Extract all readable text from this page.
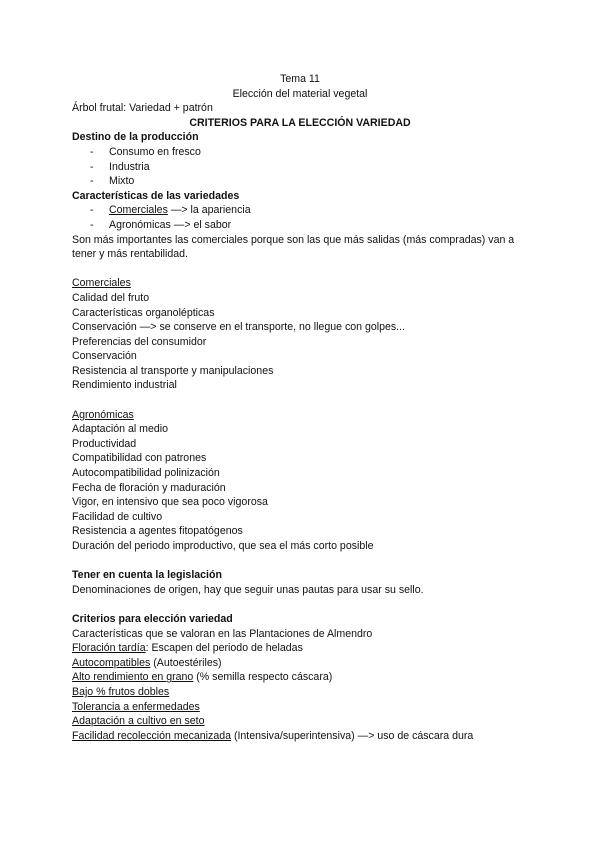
Tema 11
Elección del material vegetal
Árbol frutal: Variedad + patrón
CRITERIOS PARA LA ELECCIÓN VARIEDAD
Destino de la producción
-	Consumo en fresco
-	Industria
-	Mixto
Características de las variedades
-	Comerciales —> la apariencia
-	Agronómicas —> el sabor
Son más importantes las comerciales porque son las que más salidas (más compradas) van a tener y más rentabilidad.
Comerciales
Calidad del fruto
Características organolépticas
Conservación —> se conserve en el transporte, no llegue con golpes...
Preferencias del consumidor
Conservación
Resistencia al transporte y manipulaciones
Rendimiento industrial
Agronómicas
Adaptación al medio
Productividad
Compatibilidad con patrones
Autocompatibilidad polinización
Fecha de floración y maduración
Vigor, en intensivo que sea poco vigorosa
Facilidad de cultivo
Resistencia a agentes fitopatógenos
Duración del periodo improductivo, que sea el más corto posible
Tener en cuenta la legislación
Denominaciones de origen, hay que seguir unas pautas para usar su sello.
Criterios para elección variedad
Características que se valoran en las Plantaciones de Almendro
Floración tardía: Escapen del periodo de heladas
Autocompatibles (Autoestériles)
Alto rendimiento en grano (% semilla respecto cáscara)
Bajo % frutos dobles
Tolerancia a enfermedades
Adaptación a cultivo en seto
Facilidad recolección mecanizada (Intensiva/superintensiva) —> uso de cáscara dura
